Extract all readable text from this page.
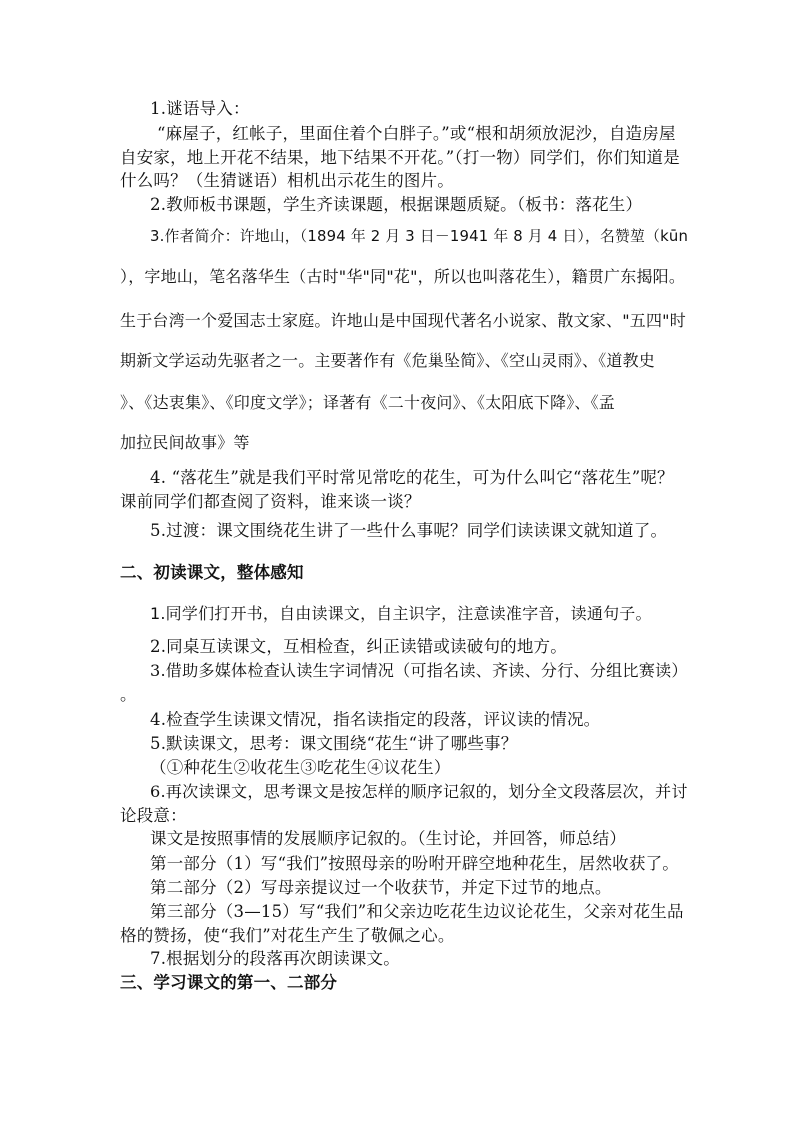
1.谜语导入：
“麻屋子，红帐子，里面住着个白胖子。”或“根和胡须放泥沙，自造房屋
自安家，地上开花不结果，地下结果不开花。”（打一物）同学们，你们知道是
什么吗？（生猜谜语）相机出示花生的图片。
2.教师板书课题，学生齐读课题，根据课题质疑。（板书：落花生）
3.作者简介：许地山，（1894 年 2 月 3 日－1941 年 8 月 4 日），名赞堃（kūn
），字地山，笔名落华生（古时"华"同"花"，所以也叫落花生），籍贯广东揭阳。
生于台湾一个爱国志士家庭。许地山是中国现代著名小说家、散文家、"五四"时
期新文学运动先驱者之一。主要著作有《危巢坠简》、《空山灵雨》、《道教史
》、《达衷集》、《印度文学》；译著有《二十夜问》、《太阳底下降》、《孟
加拉民间故事》等
4. “落花生”就是我们平时常见常吃的花生，可为什么叫它“落花生”呢？
课前同学们都查阅了资料，谁来谈一谈？
5.过渡：课文围绕花生讲了一些什么事呢？同学们读读课文就知道了。
二、初读课文，整体感知
1.同学们打开书，自由读课文，自主识字，注意读准字音，读通句子。
2.同桌互读课文，互相检查，纠正读错或读破句的地方。
3.借助多媒体检查认读生字词情况（可指名读、齐读、分行、分组比赛读）
。
4.检查学生读课文情况，指名读指定的段落，评议读的情况。
5.默读课文，思考：课文围绕“花生“讲了哪些事？
（①种花生②收花生③吃花生④议花生）
6.再次读课文，思考课文是按怎样的顺序记叙的，划分全文段落层次，并讨
论段意：
课文是按照事情的发展顺序记叙的。（生讨论，并回答，师总结）
第一部分（1）写“我们”按照母亲的吩咐开辟空地种花生，居然收获了。
第二部分（2）写母亲提议过一个收获节，并定下过节的地点。
第三部分（3—15）写“我们”和父亲边吃花生边议论花生，父亲对花生品
格的赞扬，使“我们”对花生产生了敬佩之心。
7.根据划分的段落再次朗读课文。
三、学习课文的第一、二部分
